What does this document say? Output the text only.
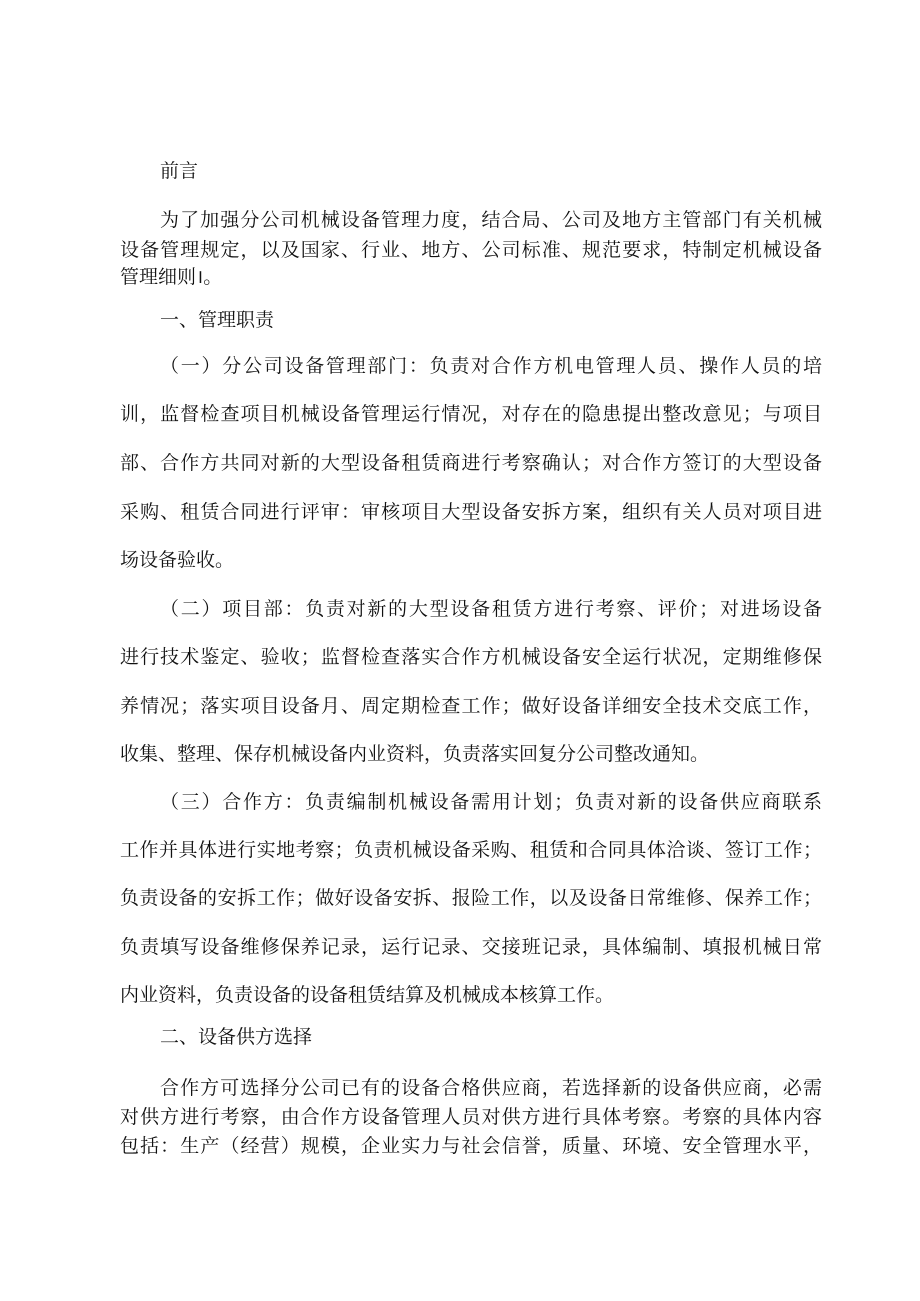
前言
为了加强分公司机械设备管理力度，结合局、公司及地方主管部门有关机械
设备管理规定，以及国家、行业、地方、公司标准、规范要求，特制定机械设备
管理细则।。
一、管理职责
（一）分公司设备管理部门：负责对合作方机电管理人员、操作人员的培
训，监督检查项目机械设备管理运行情况，对存在的隐患提出整改意见；与项目
部、合作方共同对新的大型设备租赁商进行考察确认；对合作方签订的大型设备
采购、租赁合同进行评审：审核项目大型设备安拆方案，组织有关人员对项目进
场设备验收。
（二）项目部：负责对新的大型设备租赁方进行考察、评价；对进场设备
进行技术鉴定、验收；监督检查落实合作方机械设备安全运行状况，定期维修保
养情况；落实项目设备月、周定期检查工作；做好设备详细安全技术交底工作，
收集、整理、保存机械设备内业资料，负责落实回复分公司整改通知。
（三）合作方：负责编制机械设备需用计划；负责对新的设备供应商联系
工作并具体进行实地考察；负责机械设备采购、租赁和合同具体洽谈、签订工作；
负责设备的安拆工作；做好设备安拆、报险工作，以及设备日常维修、保养工作；
负责填写设备维修保养记录，运行记录、交接班记录，具体编制、填报机械日常
内业资料，负责设备的设备租赁结算及机械成本核算工作。
二、设备供方选择
合作方可选择分公司已有的设备合格供应商，若选择新的设备供应商，必需
对供方进行考察，由合作方设备管理人员对供方进行具体考察。考察的具体内容
包括：生产（经营）规模，企业实力与社会信誉，质量、环境、安全管理水平，
